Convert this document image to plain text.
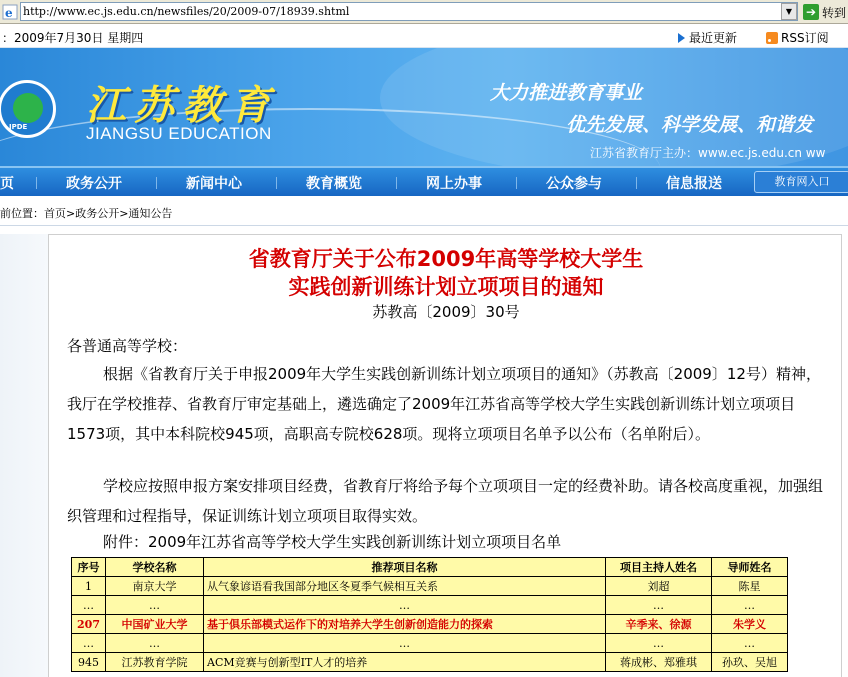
e http://www.ec.js.edu.cn/newsfiles/20/2009-07/18939.shtml	▼	➔ 转到
：2009年7月30日 星期四	最近更新	RSS订阅
JPDE 江苏教育
JIANGSU EDUCATION
大力推进教育事业
优先发展、科学发展、和谐发
江苏省教育厅主办：www.ec.js.edu.cn ww
页	政务公开	新闻中心	教育概览	网上办事	公众参与	信息报送	教育网入口
前位置：首页>政务公开>通知公告
省教育厅关于公布2009年高等学校大学生
实践创新训练计划立项项目的通知
苏教高〔2009〕30号
各普通高等学校：
根据《省教育厅关于申报2009年大学生实践创新训练计划立项项目的通知》（苏教高〔2009〕12号）精神，我厅在学校推荐、省教育厅审定基础上，遴选确定了2009年江苏省高等学校大学生实践创新训练计划立项项目1573项，其中本科院校945项，高职高专院校628项。现将立项项目名单予以公布（名单附后）。
学校应按照申报方案安排项目经费，省教育厅将给予每个立项项目一定的经费补助。请各校高度重视，加强组织管理和过程指导，保证训练计划立项项目取得实效。
附件：2009年江苏省高等学校大学生实践创新训练计划立项项目名单
序号	学校名称	推荐项目名称	项目主持人姓名	导师姓名
1	南京大学	从气象谚语看我国部分地区冬夏季气候相互关系	刘超	陈星
…	…	…	…	…
207	中国矿业大学	基于俱乐部模式运作下的对培养大学生创新创造能力的探索	辛季来、徐源	朱学义
…	…	…	…	…
945	江苏教育学院	ACM竞赛与创新型IT人才的培养	蒋成彬、郑雅琪	孙玖、吴旭
